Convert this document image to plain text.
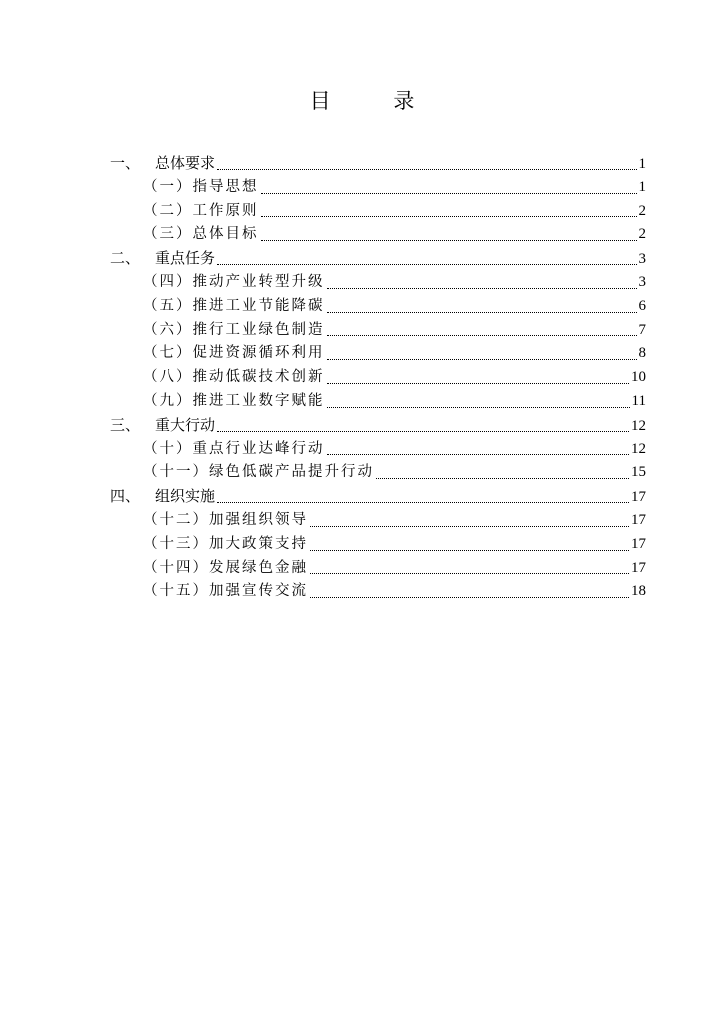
目 录
一、 总体要求	1
（一）指导思想	1
（二）工作原则	2
（三）总体目标	2
二、 重点任务	3
（四）推动产业转型升级	3
（五）推进工业节能降碳	6
（六）推行工业绿色制造	7
（七）促进资源循环利用	8
（八）推动低碳技术创新	10
（九）推进工业数字赋能	11
三、 重大行动	12
（十）重点行业达峰行动	12
（十一）绿色低碳产品提升行动	15
四、 组织实施	17
（十二）加强组织领导	17
（十三）加大政策支持	17
（十四）发展绿色金融	17
（十五）加强宣传交流	18
